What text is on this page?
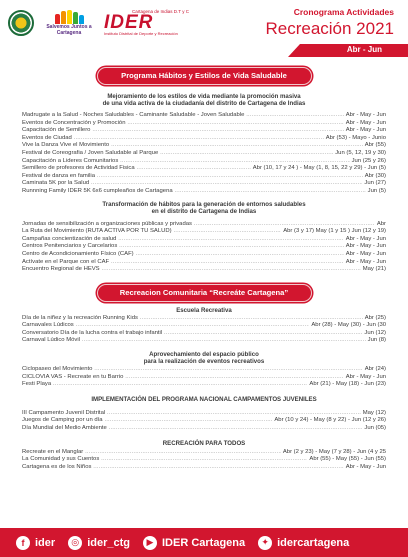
Salvemos Juntos a Cartagena
Cartagena de Indias D.T y C
IDER
Instituto Distrital de Deporte y Recreación
Cronograma Actividades
Recreación 2021
Abr - Jun
Programa Hábitos y Estilos de Vida Saludable
Mejoramiento de los estilos de vida mediante la promoción masiva
de una vida activa de la ciudadanía del distrito de Cartagena de Indias
Madrugate a la Salud - Noches Saludables - Caminante Saludable - Joven Saludable .....	Abr - May - Jun
Eventos de Concentración y Promoción .....	Abr - May - Jun
Capacitación de Semillero .....	Abr - May - Jun
Eventos de Ciudad .....	Abr (53) - Mayo - Junio
Vive la Danza Vive el Movimiento .....	Abr (55)
Festival de Coreografia / Joven Saludable al Parque .....	Jun (5, 12, 19 y 30)
Capacitación a Lideres Comunitarios .....	Jun (25 y 26)
Semillero de profesores de Actividad Fisica .....	Abr (10, 17 y 24 ) - May (1, 8, 15, 22 y 29) - Jun (5)
Festival de danza en familia .....	Abr (30)
Caminata 5K por la Salud .....	Jun (27)
Runnning Family IDER 5K 6x6 cumpleaños de Cartagena .....	Jun (5)
Transformación de hábitos para la generación de entornos saludables
en el distrito de Cartagena de Indias
Jornadas de sensibilización a organizaciones públicas y privadas .....	Abr
La Ruta del Movimiento (RUTA ACTIVA POR TU SALUD) .....	Abr (3 y 17) May (1 y 15 ) Jun (12 y 19)
Campañas concientización de salud .....	Abr - May - Jun
Centros Penitenciarios y Carcelarios .....	Abr - May - Jun
Centro de Acondicionamiento Físico (CAF) .....	Abr - May - Jun
Actívate en el Parque con el CAF .....	Abr - May - Jun
Encuentro Regional de HEVS .....	May (21)
Recreacion Comunitaria “Recreáte Cartagena”
Escuela Recreativa
Día de la niñez y la recreación Running Kids .....	Abr (25)
Carnavales Lúdicos .....	Abr (28) - May (30) - Jun (30
Conversatorio Día de la lucha contra el trabajo infantil .....	Jun (12)
Carnaval Lúdico Móvil .....	Jun (8)
Aprovechamiento del espacio público
para la realización de eventos recreativos
Ciclopaseo del Movimiento .....	Abr (24)
CICLOVIA VAS - Recreate en tu Barrio .....	Abr - May - Jun
Festi Playa .....	Abr (21) - May (18) - Jun (23)
IMPLEMENTACIÓN DEL PROGRAMA NACIONAL CAMPAMENTOS JUVENILES
III Campamento Juvenil Distrital .....	May (12)
Juegos de Camping por un día .....	Abr (10 y 24) - May (8 y 22) - Jun (12 y 26)
Día Mundial del Medio Ambiente .....	Jun (05)
RECREACIÓN PARA TODOS
Recreate en el Manglar .....	Abr (2 y 23) - May (7 y 28) - Jun (4 y 25
La Comunidad y sus Cuentos .....	Abr (55) - May (55) - Jun (55)
Cartagena es de los Niños .....	Abr - May - Jun
f ider	◎ ider_ctg	▶ IDER Cartagena	✦ idercartagena
